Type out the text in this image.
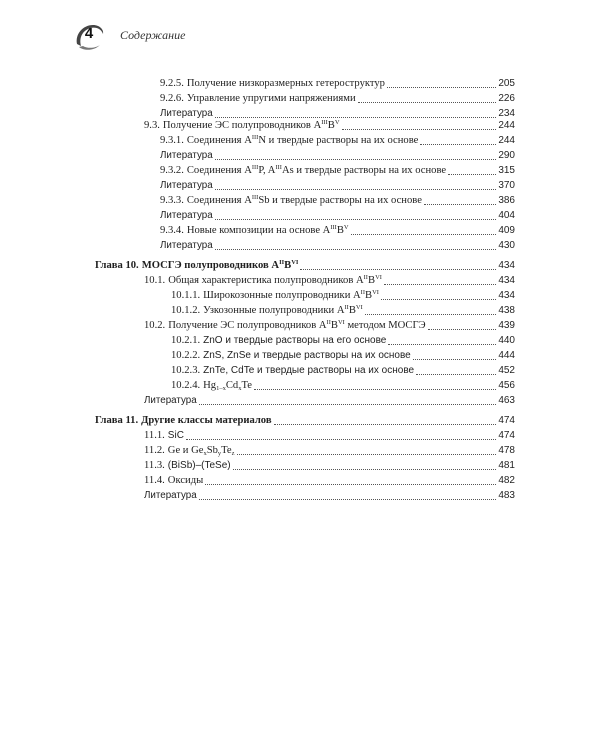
4	Содержание
9.2.5. Получение низкоразмерных гетероструктур	205
9.2.6. Управление упругими напряжениями	226
Литература	234
9.3. Получение ЭС полупроводников $A^{III}B^V$	244
9.3.1. Соединения $A^{III}N$ и твердые растворы на их основе	244
Литература	290
9.3.2. Соединения $A^{III}P$, $A^{III}As$ и твердые растворы на их основе	315
Литература	370
9.3.3. Соединения $A^{III}Sb$ и твердые растворы на их основе	386
Литература	404
9.3.4. Новые композиции на основе $A^{III}B^V$	409
Литература	430
Глава 10. МОСГЭ полупроводников $A^{II}B^{VI}$	434
10.1. Общая характеристика полупроводников $A^{II}B^{VI}$	434
10.1.1. Широкозонные полупроводники $A^{II}B^{VI}$	434
10.1.2. Узкозонные полупроводники $A^{II}B^{VI}$	438
10.2. Получение ЭС полупроводников $A^{II}B^{VI}$ методом МОСГЭ	439
10.2.1. ZnO и твердые растворы на его основе	440
10.2.2. ZnS, ZnSe и твердые растворы на их основе	444
10.2.3. ZnTe, CdTe и твердые растворы на их основе	452
10.2.4. $Hg_{1-x}Cd_xTe$	456
Литература	463
Глава 11. Другие классы материалов	474
11.1. SiC	474
11.2. Ge и $Ge_xSb_yTe_z$	478
11.3. (BiSb)–(TeSe)	481
11.4. Оксиды	482
Литература	483
